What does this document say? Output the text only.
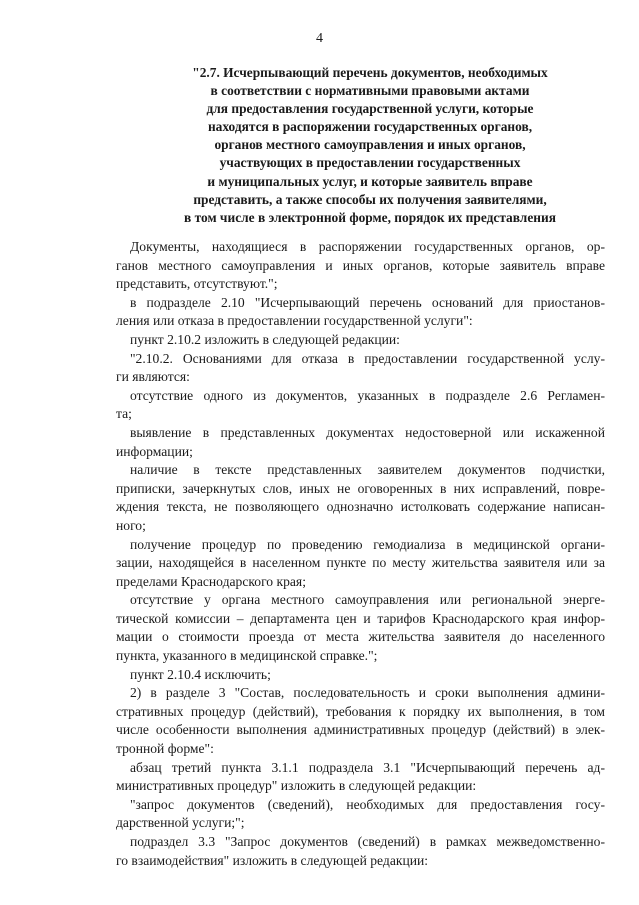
4
"2.7. Исчерпывающий перечень документов, необходимых
в соответствии с нормативными правовыми актами
для предоставления государственной услуги, которые
находятся в распоряжении государственных органов,
органов местного самоуправления и иных органов,
участвующих в предоставлении государственных
и муниципальных услуг, и которые заявитель вправе
представить, а также способы их получения заявителями,
в том числе в электронной форме, порядок их представления

Документы, находящиеся в распоряжении государственных органов, ор-
ганов местного самоуправления и иных органов, которые заявитель вправе
представить, отсутствуют.";

в подразделе 2.10 "Исчерпывающий перечень оснований для приостанов-
ления или отказа в предоставлении государственной услуги":

пункт 2.10.2 изложить в следующей редакции:

"2.10.2. Основаниями для отказа в предоставлении государственной услу-
ги являются:

отсутствие одного из документов, указанных в подразделе 2.6 Регламен-
та;

выявление в представленных документах недостоверной или искаженной
информации;

наличие в тексте представленных заявителем документов подчистки,
приписки, зачеркнутых слов, иных не оговоренных в них исправлений, повре-
ждения текста, не позволяющего однозначно истолковать содержание написан-
ного;

получение процедур по проведению гемодиализа в медицинской органи-
зации, находящейся в населенном пункте по месту жительства заявителя или за
пределами Краснодарского края;

отсутствие у органа местного самоуправления или региональной энерге-
тической комиссии – департамента цен и тарифов Краснодарского края инфор-
мации о стоимости проезда от места жительства заявителя до населенного
пункта, указанного в медицинской справке.";

пункт 2.10.4 исключить;

2) в разделе 3 "Состав, последовательность и сроки выполнения админи-
стративных процедур (действий), требования к порядку их выполнения, в том
числе особенности выполнения административных процедур (действий) в элек-
тронной форме":

абзац третий пункта 3.1.1 подраздела 3.1 "Исчерпывающий перечень ад-
министративных процедур" изложить в следующей редакции:

"запрос документов (сведений), необходимых для предоставления госу-
дарственной услуги;";

подраздел 3.3 "Запрос документов (сведений) в рамках межведомственно-
го взаимодействия" изложить в следующей редакции:
